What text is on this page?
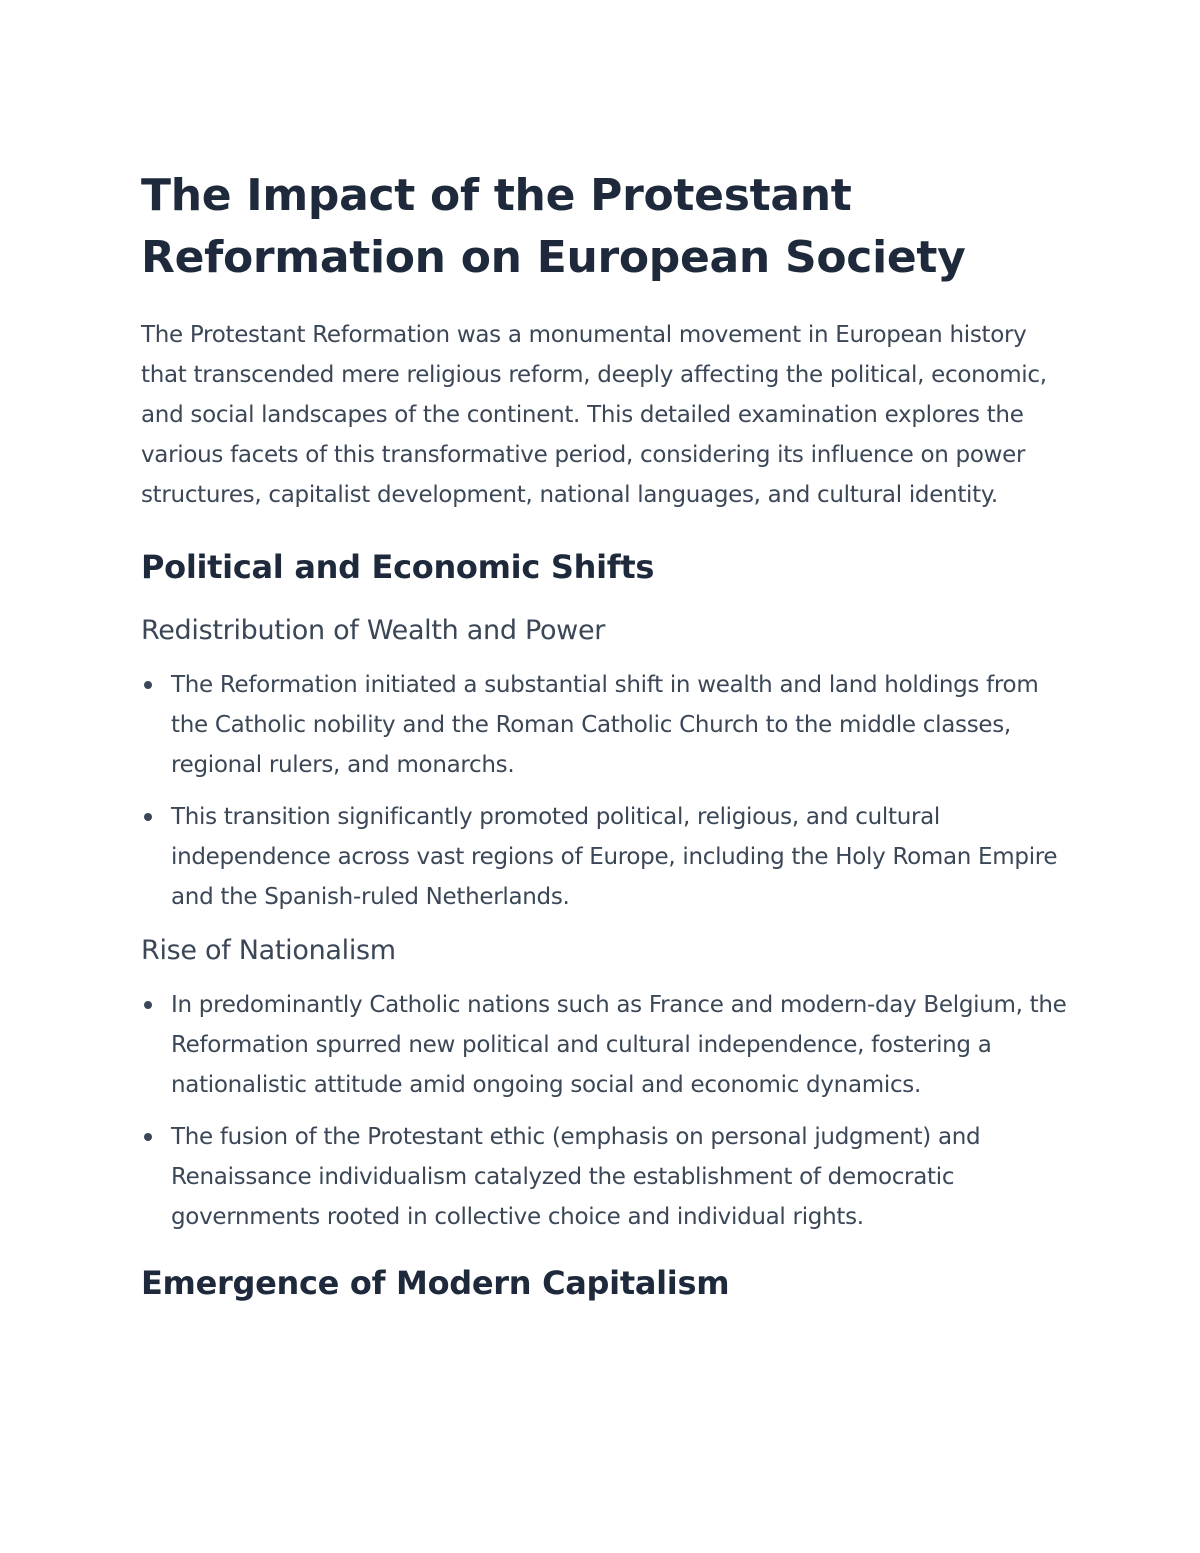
The Impact of the Protestant Reformation on European Society

The Protestant Reformation was a monumental movement in European history that transcended mere religious reform, deeply affecting the political, economic, and social landscapes of the continent. This detailed examination explores the various facets of this transformative period, considering its influence on power structures, capitalist development, national languages, and cultural identity.

Political and Economic Shifts
Redistribution of Wealth and Power
The Reformation initiated a substantial shift in wealth and land holdings from the Catholic nobility and the Roman Catholic Church to the middle classes, regional rulers, and monarchs.
This transition significantly promoted political, religious, and cultural independence across vast regions of Europe, including the Holy Roman Empire and the Spanish-ruled Netherlands.
Rise of Nationalism
In predominantly Catholic nations such as France and modern-day Belgium, the Reformation spurred new political and cultural independence, fostering a nationalistic attitude amid ongoing social and economic dynamics.
The fusion of the Protestant ethic (emphasis on personal judgment) and Renaissance individualism catalyzed the establishment of democratic governments rooted in collective choice and individual rights.
Emergence of Modern Capitalism
